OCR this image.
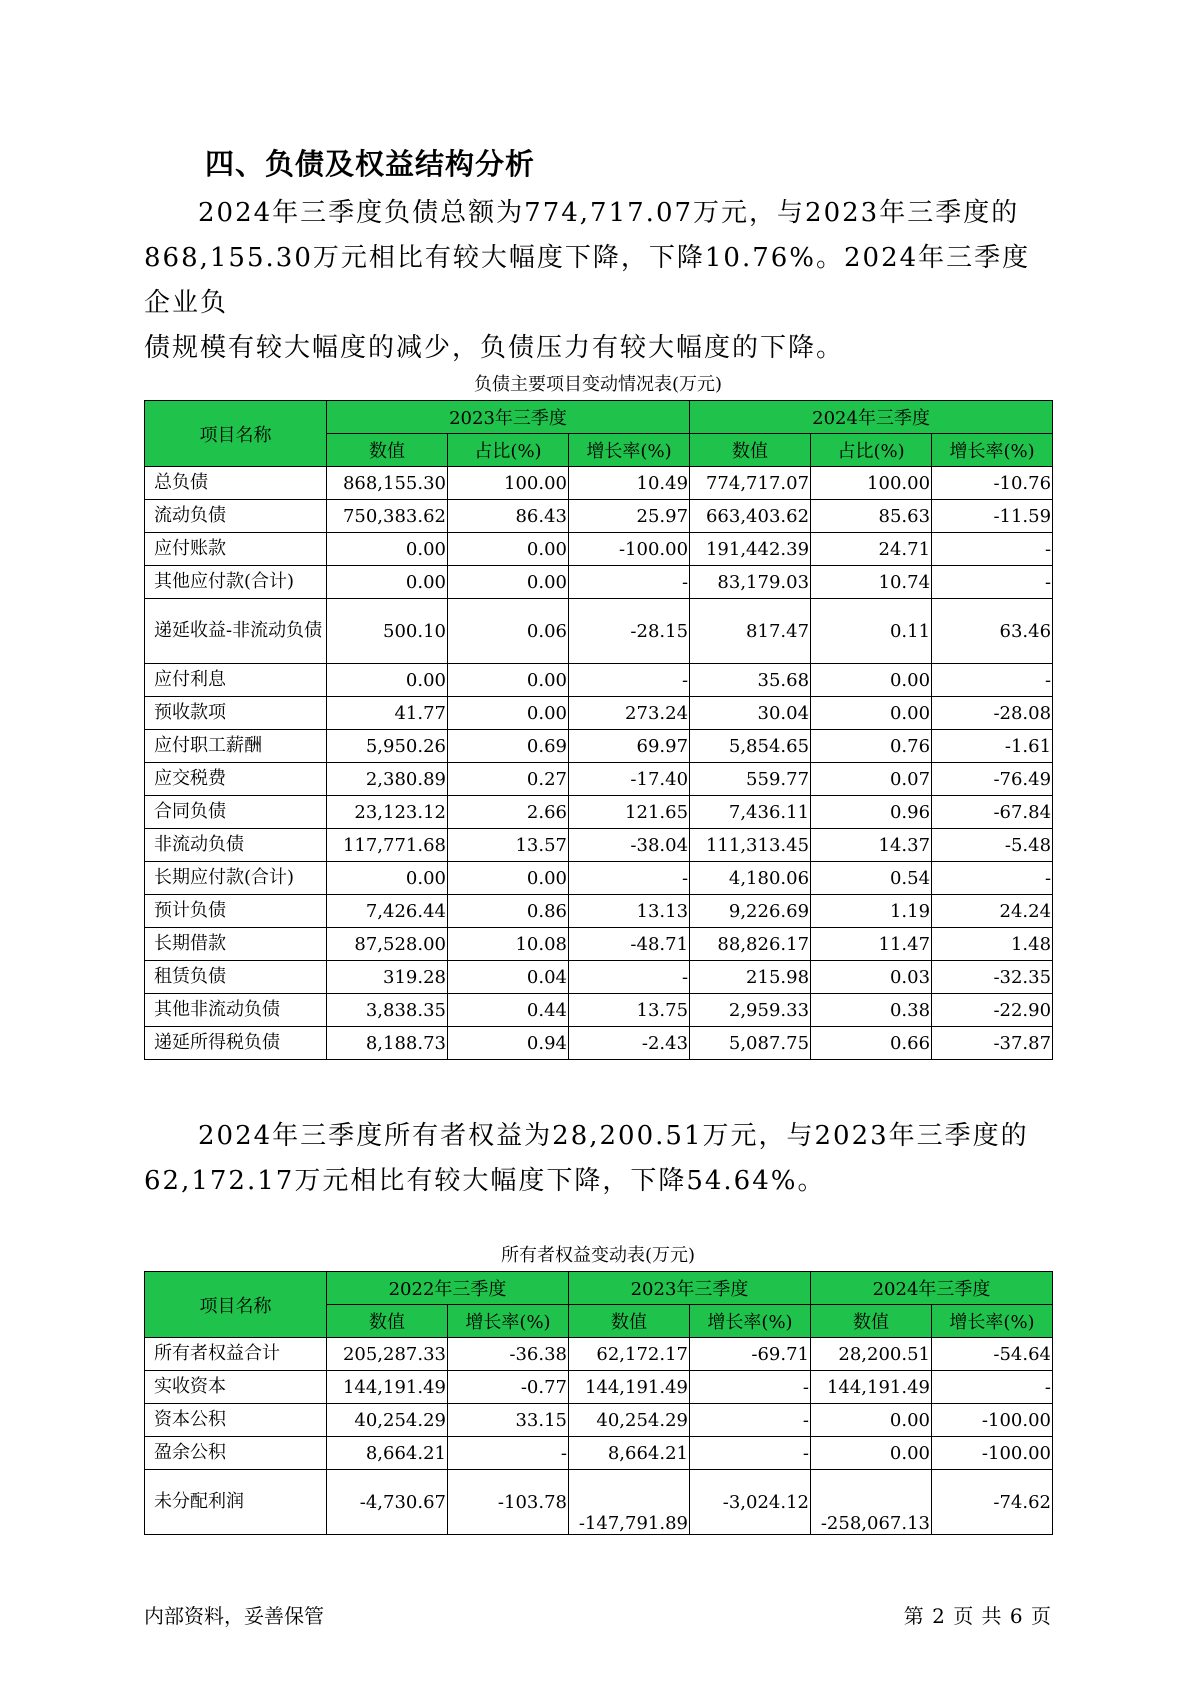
四、负债及权益结构分析

2024年三季度负债总额为774,717.07万元，与2023年三季度的

868,155.30万元相比有较大幅度下降，下降10.76%。2024年三季度企业负

债规模有较大幅度的减少，负债压力有较大幅度的下降。

负债主要项目变动情况表(万元)

项目名称	2023年三季度			2024年三季度		
	数值	占比(%)	增长率(%)	数值	占比(%)	增长率(%)
总负债	868,155.30	100.00	10.49	774,717.07	100.00	-10.76
流动负债	750,383.62	86.43	25.97	663,403.62	85.63	-11.59
应付账款	0.00	0.00	-100.00	191,442.39	24.71	-
其他应付款(合计)	0.00	0.00	-	83,179.03	10.74	-
递延收益-非流动负债	500.10	0.06	-28.15	817.47	0.11	63.46
应付利息	0.00	0.00	-	35.68	0.00	-
预收款项	41.77	0.00	273.24	30.04	0.00	-28.08
应付职工薪酬	5,950.26	0.69	69.97	5,854.65	0.76	-1.61
应交税费	2,380.89	0.27	-17.40	559.77	0.07	-76.49
合同负债	23,123.12	2.66	121.65	7,436.11	0.96	-67.84
非流动负债	117,771.68	13.57	-38.04	111,313.45	14.37	-5.48
长期应付款(合计)	0.00	0.00	-	4,180.06	0.54	-
预计负债	7,426.44	0.86	13.13	9,226.69	1.19	24.24
长期借款	87,528.00	10.08	-48.71	88,826.17	11.47	1.48
租赁负债	319.28	0.04	-	215.98	0.03	-32.35
其他非流动负债	3,838.35	0.44	13.75	2,959.33	0.38	-22.90
递延所得税负债	8,188.73	0.94	-2.43	5,087.75	0.66	-37.87

2024年三季度所有者权益为28,200.51万元，与2023年三季度的

62,172.17万元相比有较大幅度下降，下降54.64%。

所有者权益变动表(万元)

项目名称	2022年三季度		2023年三季度		2024年三季度	
	数值	增长率(%)	数值	增长率(%)	数值	增长率(%)
所有者权益合计	205,287.33	-36.38	62,172.17	-69.71	28,200.51	-54.64
实收资本	144,191.49	-0.77	144,191.49	-	144,191.49	-
资本公积	40,254.29	33.15	40,254.29	-	0.00	-100.00
盈余公积	8,664.21	-	8,664.21	-	0.00	-100.00
未分配利润	-4,730.67	-103.78	-147,791.89	-3,024.12	-258,067.13	-74.62

内部资料，妥善保管	第 2 页 共 6 页
